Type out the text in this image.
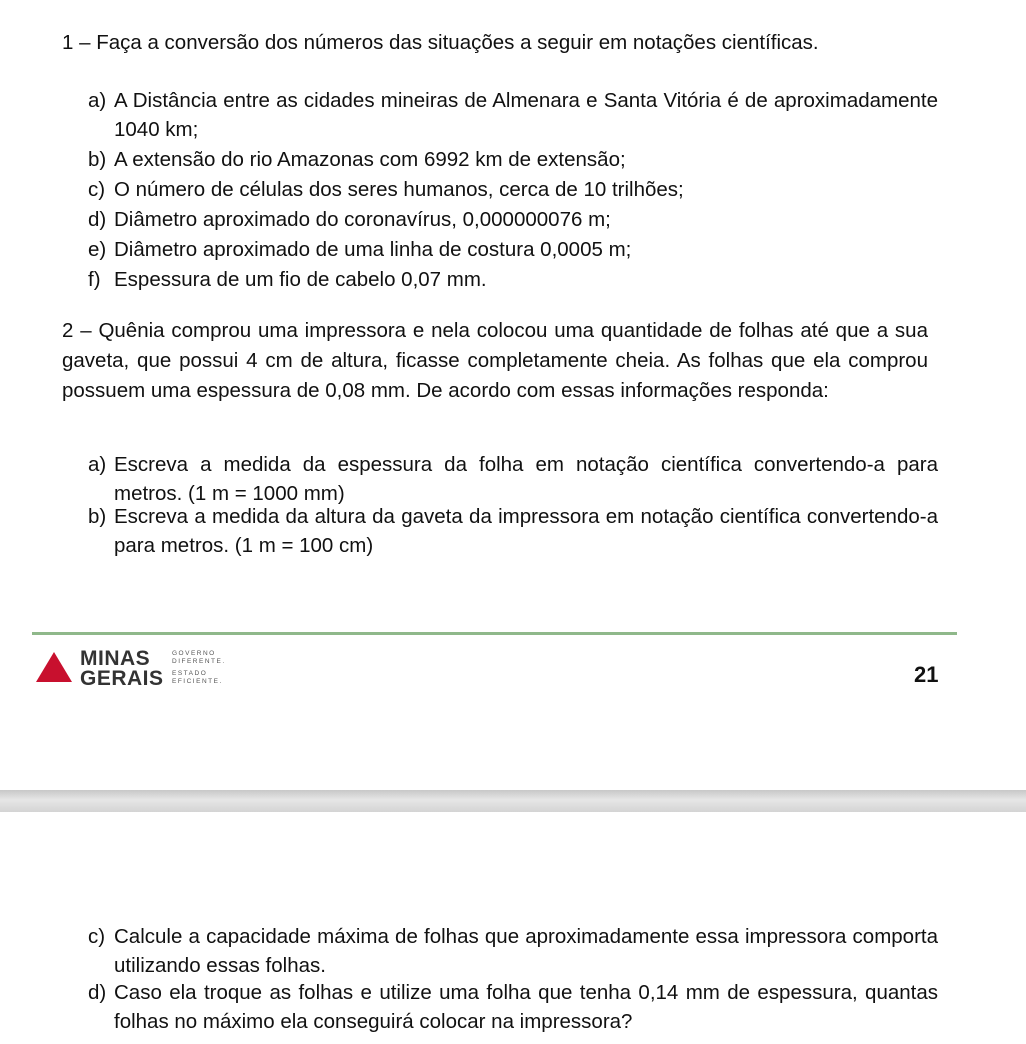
1 – Faça a conversão dos números das situações a seguir em notações científicas.
a) A Distância entre as cidades mineiras de Almenara e Santa Vitória é de aproximadamente 1040 km;
b) A extensão do rio Amazonas com 6992 km de extensão;
c) O número de células dos seres humanos, cerca de 10 trilhões;
d) Diâmetro aproximado do coronavírus, 0,000000076 m;
e) Diâmetro aproximado de uma linha de costura 0,0005 m;
f) Espessura de um fio de cabelo 0,07 mm.
2 – Quênia comprou uma impressora e nela colocou uma quantidade de folhas até que a sua gaveta, que possui 4 cm de altura, ficasse completamente cheia. As folhas que ela comprou possuem uma espessura de 0,08 mm. De acordo com essas informações responda:
a) Escreva a medida da espessura da folha em notação científica convertendo-a para metros. (1 m = 1000 mm)
b) Escreva a medida da altura da gaveta da impressora em notação científica convertendo-a para metros. (1 m = 100 cm)
MINAS
GERAIS
GOVERNO
DIFERENTE.
ESTADO
EFICIENTE.	21
c) Calcule a capacidade máxima de folhas que aproximadamente essa impressora comporta utilizando essas folhas.
d) Caso ela troque as folhas e utilize uma folha que tenha 0,14 mm de espessura, quantas folhas no máximo ela conseguirá colocar na impressora?
